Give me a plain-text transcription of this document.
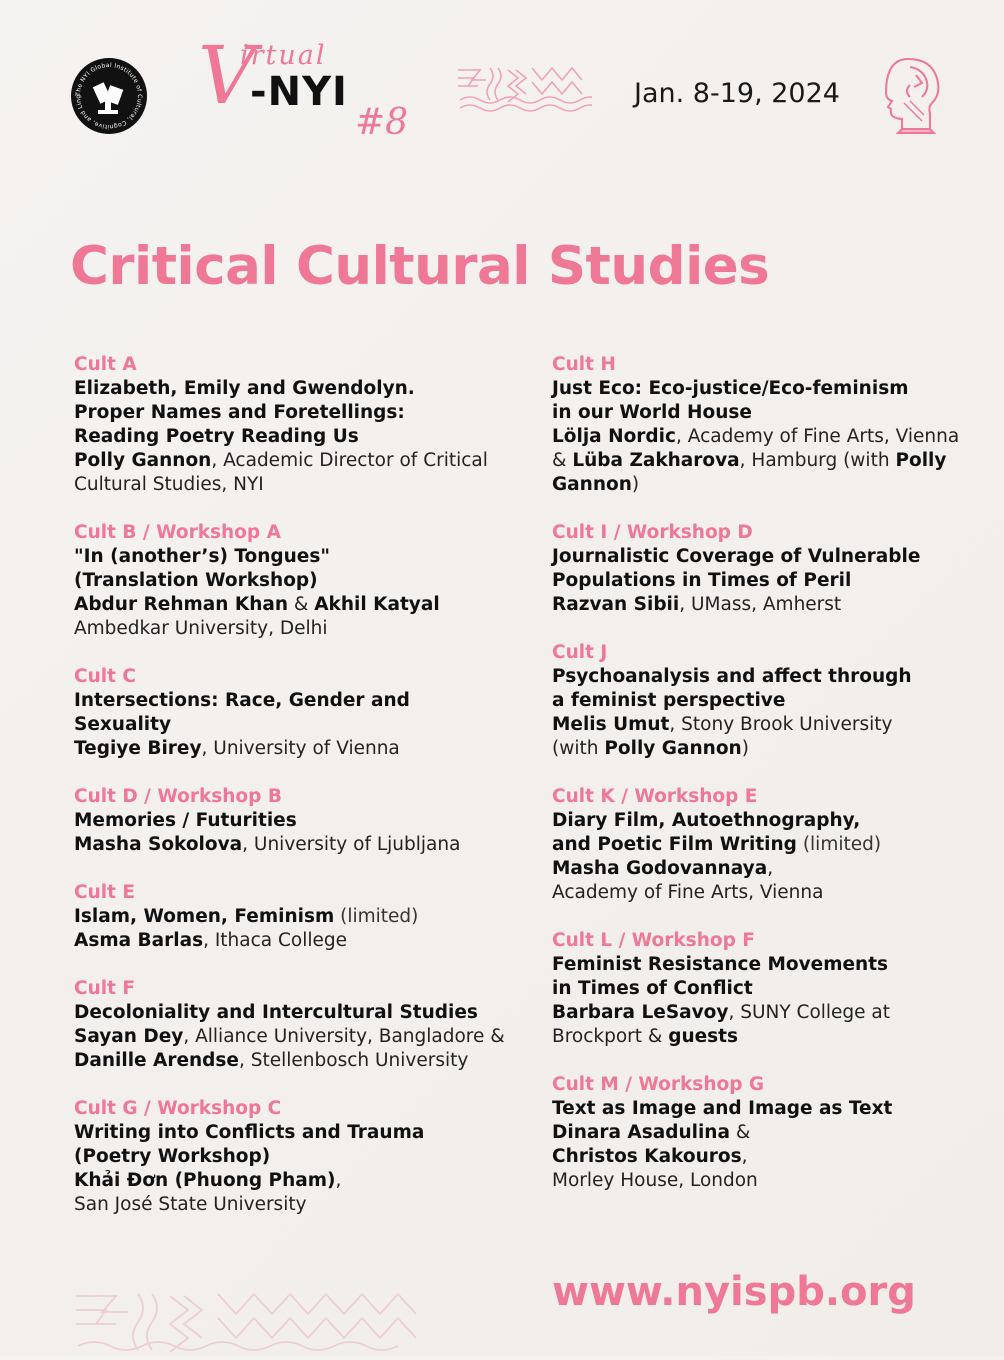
The NYI Global Institute of Cultural, Cognitive, and Ling	V
irtual
-NYI
#8
Jan. 8-19, 2024
Critical Cultural Studies
Cult A
Elizabeth, Emily and Gwendolyn.
Proper Names and Foretellings:
Reading Poetry Reading Us
Polly Gannon, Academic Director of Critical Cultural Studies, NYI
Cult B / Workshop A
"In (another’s) Tongues"
(Translation Workshop)
Abdur Rehman Khan & Akhil Katyal
Ambedkar University, Delhi
Cult C
Intersections: Race, Gender and
Sexuality
Tegiye Birey, University of Vienna
Cult D / Workshop B
Memories / Futurities
Masha Sokolova, University of Ljubljana
Cult E
Islam, Women, Feminism (limited)
Asma Barlas, Ithaca College
Cult F
Decoloniality and Intercultural Studies
Sayan Dey, Alliance University, Bangladore & Danille Arendse, Stellenbosch University
Cult G / Workshop C
Writing into Conflicts and Trauma
(Poetry Workshop)
Khải Đơn (Phuong Pham),
San José State University
Cult H
Just Eco: Eco-justice/Eco-feminism
in our World House
Lölja Nordic, Academy of Fine Arts, Vienna & Lüba Zakharova, Hamburg (with Polly Gannon)
Cult I / Workshop D
Journalistic Coverage of Vulnerable
Populations in Times of Peril
Razvan Sibii, UMass, Amherst
Cult J
Psychoanalysis and affect through
a feminist perspective
Melis Umut, Stony Brook University
(with Polly Gannon)
Cult K / Workshop E
Diary Film, Autoethnography,
and Poetic Film Writing (limited)
Masha Godovannaya,
Academy of Fine Arts, Vienna
Cult L / Workshop F
Feminist Resistance Movements
in Times of Conflict
Barbara LeSavoy, SUNY College at Brockport & guests
Cult M / Workshop G
Text as Image and Image as Text
Dinara Asadulina &
Christos Kakouros,
Morley House, London
www.nyispb.org
